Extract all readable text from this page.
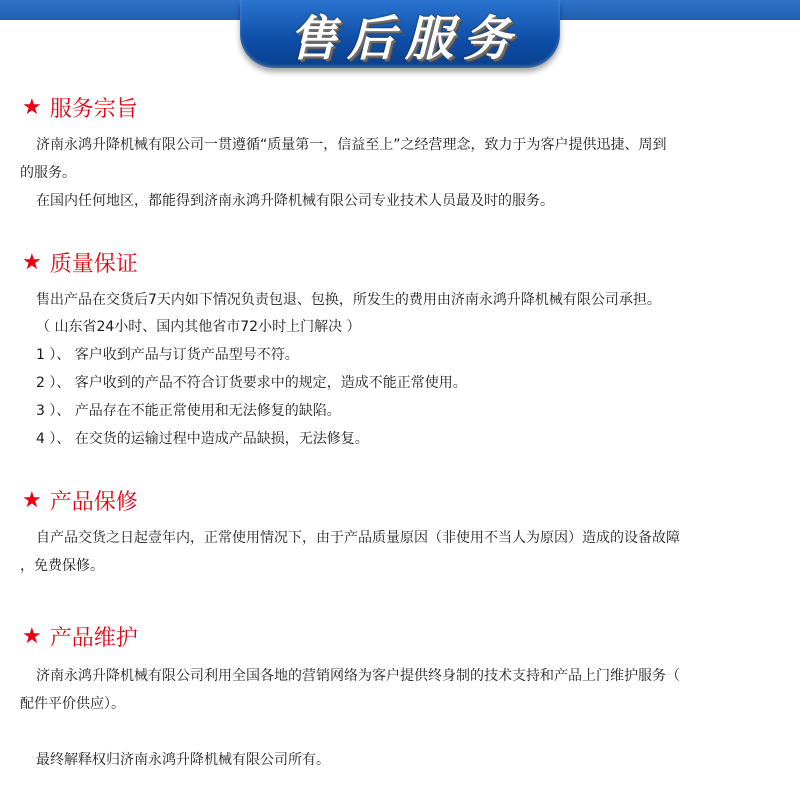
售后服务
★ 服务宗旨
济南永鸿升降机械有限公司一贯遵循“质量第一，信益至上”之经营理念，致力于为客户提供迅捷、周到
的服务。
在国内任何地区，都能得到济南永鸿升降机械有限公司专业技术人员最及时的服务。
★ 质量保证
售出产品在交货后7天内如下情况负责包退、包换，所发生的费用由济南永鸿升降机械有限公司承担。
（ 山东省24小时、国内其他省市72小时上门解决 ）
1 ）、 客户收到产品与订货产品型号不符。
2 ）、 客户收到的产品不符合订货要求中的规定，造成不能正常使用。
3 ）、 产品存在不能正常使用和无法修复的缺陷。
4 ）、 在交货的运输过程中造成产品缺损，无法修复。
★ 产品保修
自产品交货之日起壹年内，正常使用情况下，由于产品质量原因（非使用不当人为原因）造成的设备故障
，免费保修。
★ 产品维护
济南永鸿升降机械有限公司利用全国各地的营销网络为客户提供终身制的技术支持和产品上门维护服务（
配件平价供应）。
最终解释权归济南永鸿升降机械有限公司所有。
